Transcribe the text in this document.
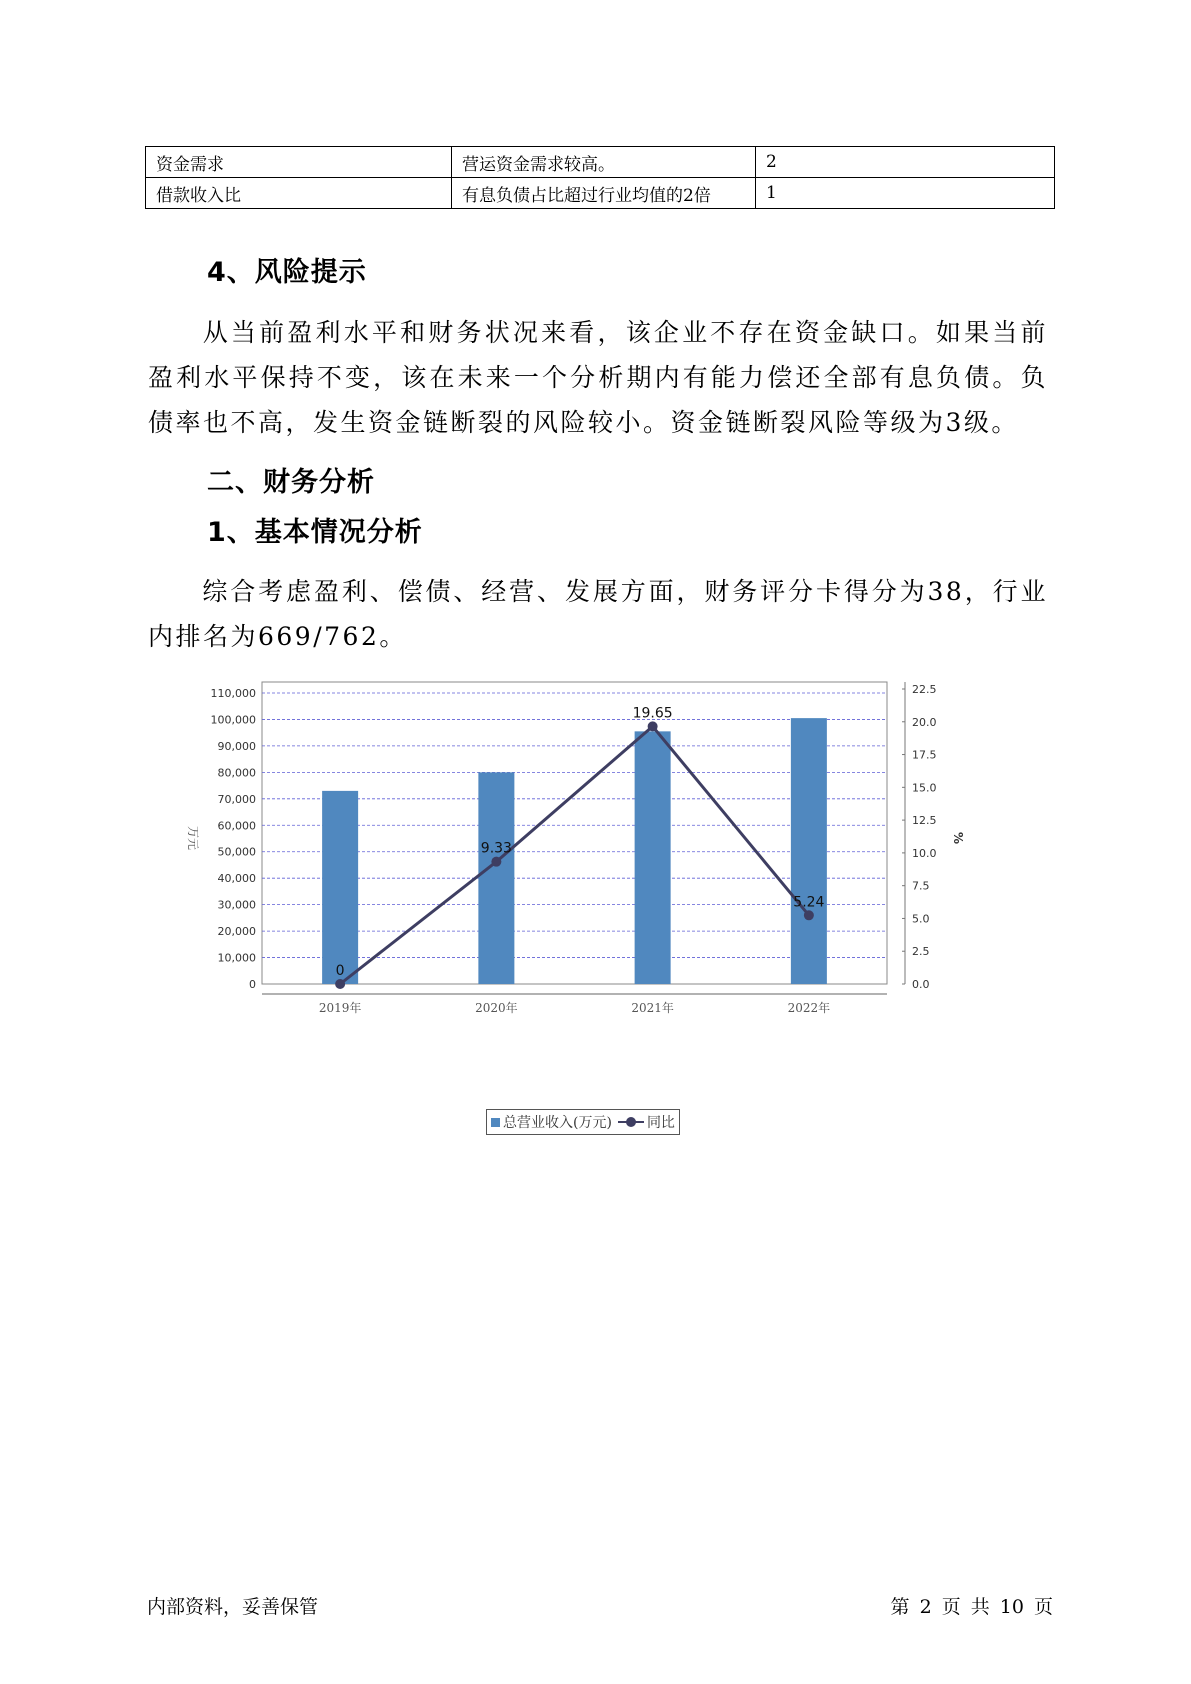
资金需求	营运资金需求较高。	2
借款收入比	有息负债占比超过行业均值的2倍	1
4、风险提示

从当前盈利水平和财务状况来看，该企业不存在资金缺口。如果当前盈利水平保持不变，该在未来一个分析期内有能力偿还全部有息负债。负债率也不高，发生资金链断裂的风险较小。资金链断裂风险等级为3级。

二、财务分析
1、基本情况分析

综合考虑盈利、偿债、经营、发展方面，财务评分卡得分为38，行业内排名为669/762。

0
10,000
20,000
30,000
40,000
50,000
60,000
70,000
80,000
90,000
100,000
110,000
0.0
2.5
5.0
7.5
10.0
12.5
15.0
17.5
20.0
22.5
万元	%
2019年	2020年	2021年	2022年
0
9.33
19.65
5.24
总营业收入(万元)	同比
内部资料，妥善保管	第 2 页 共 10 页
